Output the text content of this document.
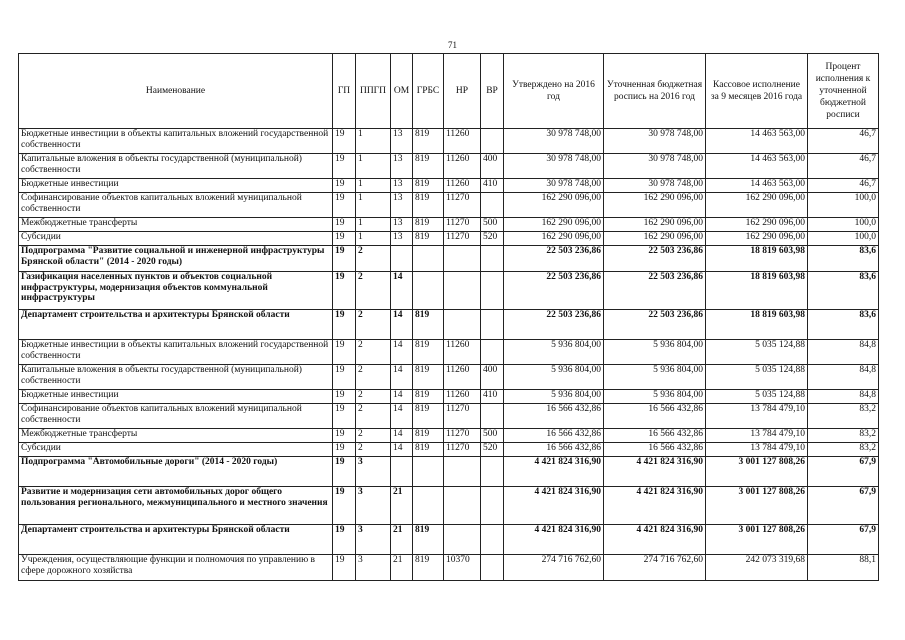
71
Наименование	ГП	ППГП	ОМ	ГРБС	НР	ВР	Утверждено на 2016 год	Уточненная бюджетная роспись на 2016 год	Кассовое исполнение за 9 месяцев 2016 года	Процент исполнения к уточненной бюджетной росписи
Бюджетные инвестиции в объекты капитальных вложений государственной собственности	19	1	13	819	11260		30 978 748,00	30 978 748,00	14 463 563,00	46,7
Капитальные вложения в объекты государственной (муниципальной) собственности	19	1	13	819	11260	400	30 978 748,00	30 978 748,00	14 463 563,00	46,7
Бюджетные инвестиции	19	1	13	819	11260	410	30 978 748,00	30 978 748,00	14 463 563,00	46,7
Софинансирование объектов капитальных вложений муниципальной собственности	19	1	13	819	11270		162 290 096,00	162 290 096,00	162 290 096,00	100,0
Межбюджетные трансферты	19	1	13	819	11270	500	162 290 096,00	162 290 096,00	162 290 096,00	100,0
Субсидии	19	1	13	819	11270	520	162 290 096,00	162 290 096,00	162 290 096,00	100,0
Подпрограмма "Развитие социальной и инженерной инфраструктуры Брянской области" (2014 - 2020 годы)	19	2					22 503 236,86	22 503 236,86	18 819 603,98	83,6
Газификация населенных пунктов и объектов социальной инфраструктуры, модернизация объектов коммунальной инфраструктуры	19	2	14				22 503 236,86	22 503 236,86	18 819 603,98	83,6
Департамент строительства и архитектуры Брянской области	19	2	14	819			22 503 236,86	22 503 236,86	18 819 603,98	83,6
Бюджетные инвестиции в объекты капитальных вложений государственной собственности	19	2	14	819	11260		5 936 804,00	5 936 804,00	5 035 124,88	84,8
Капитальные вложения в объекты государственной (муниципальной) собственности	19	2	14	819	11260	400	5 936 804,00	5 936 804,00	5 035 124,88	84,8
Бюджетные инвестиции	19	2	14	819	11260	410	5 936 804,00	5 936 804,00	5 035 124,88	84,8
Софинансирование объектов капитальных вложений муниципальной собственности	19	2	14	819	11270		16 566 432,86	16 566 432,86	13 784 479,10	83,2
Межбюджетные трансферты	19	2	14	819	11270	500	16 566 432,86	16 566 432,86	13 784 479,10	83,2
Субсидии	19	2	14	819	11270	520	16 566 432,86	16 566 432,86	13 784 479,10	83,2
Подпрограмма "Автомобильные дороги" (2014 - 2020 годы)	19	3					4 421 824 316,90	4 421 824 316,90	3 001 127 808,26	67,9
Развитие и модернизация сети автомобильных дорог общего пользования регионального, межмуниципального и местного значения	19	3	21				4 421 824 316,90	4 421 824 316,90	3 001 127 808,26	67,9
Департамент строительства и архитектуры Брянской области	19	3	21	819			4 421 824 316,90	4 421 824 316,90	3 001 127 808,26	67,9
Учреждения, осуществляющие функции и полномочия по управлению в сфере дорожного хозяйства	19	3	21	819	10370		274 716 762,60	274 716 762,60	242 073 319,68	88,1
